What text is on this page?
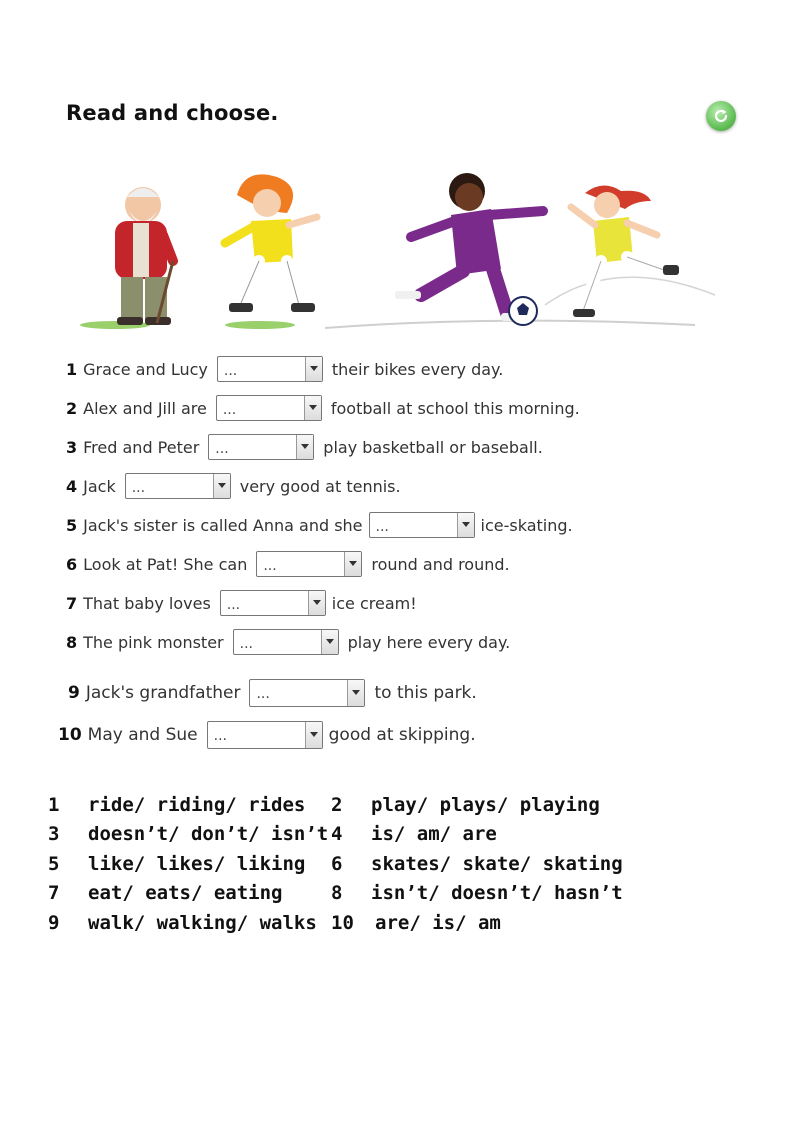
Read and choose.
1 Grace and Lucy	...	their bikes every day.
2 Alex and Jill are	...	football at school this morning.
3 Fred and Peter	...	play basketball or baseball.
4 Jack	...	very good at tennis.
5 Jack's sister is called Anna and she ...	ice-skating.
6 Look at Pat! She can	...	round and round.
7 That baby loves	...	ice cream!
8 The pink monster	...	play here every day.
9 Jack's grandfather	...	to this park.
10 May and Sue	...	good at skipping.
1 ride/ riding/ rides 2 play/ plays/ playing
3 doesn’t/ don’t/ isn’t 4 is/ am/ are
5 like/ likes/ liking 6 skates/ skate/ skating
7 eat/ eats/ eating	8 isn’t/ doesn’t/ hasn’t
9 walk/ walking/ walks 10 are/ is/ am
